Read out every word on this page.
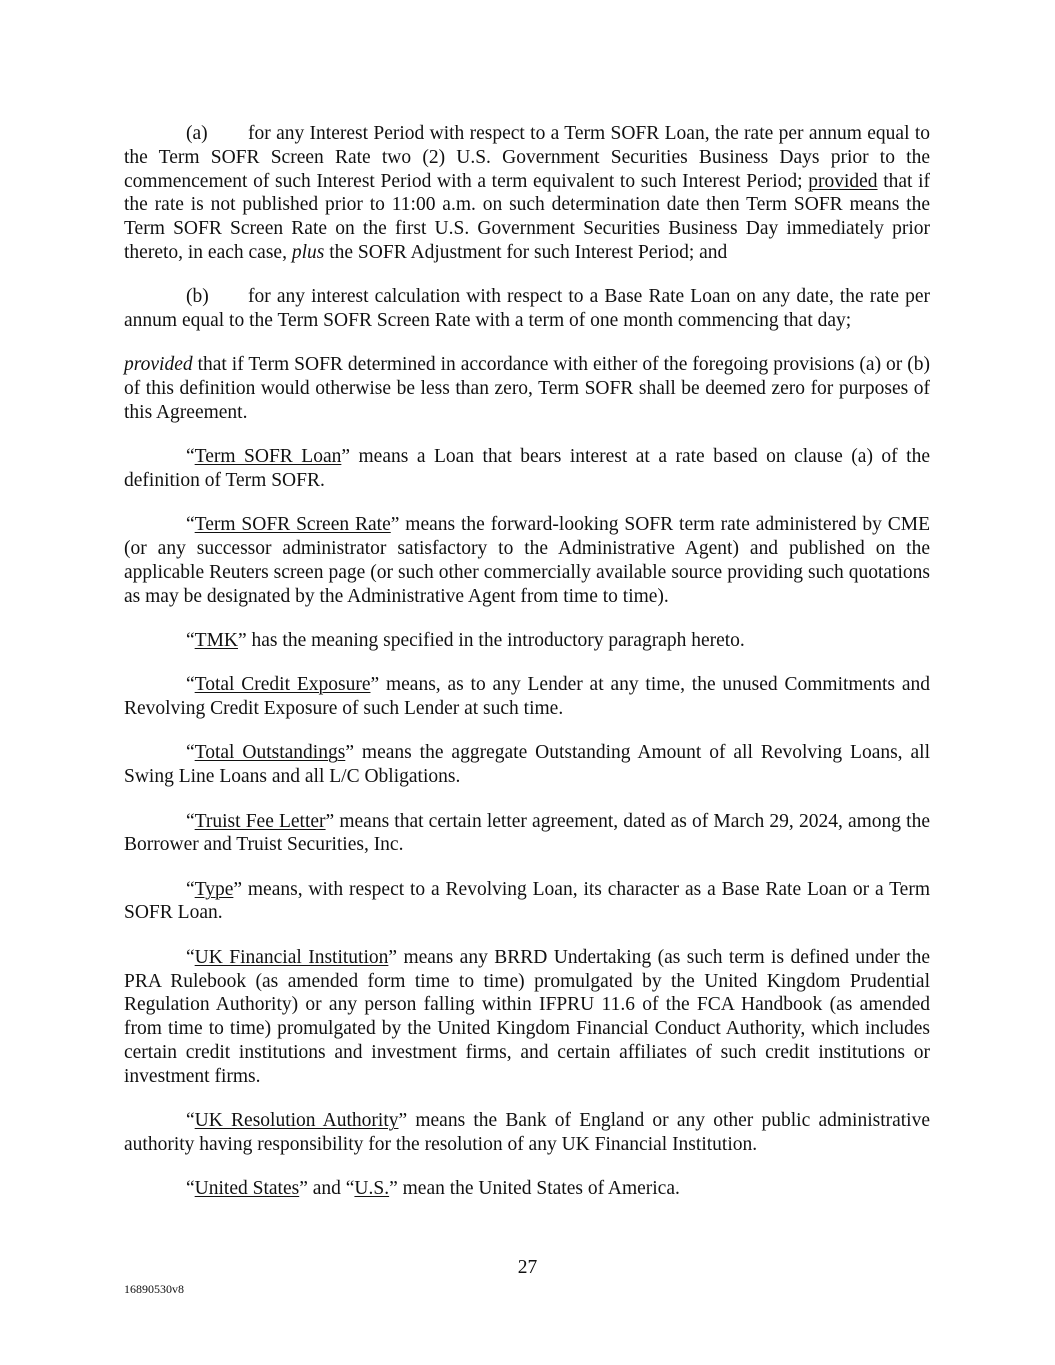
(a) for any Interest Period with respect to a Term SOFR Loan, the rate per annum equal to the Term SOFR Screen Rate two (2) U.S. Government Securities Business Days prior to the commencement of such Interest Period with a term equivalent to such Interest Period; provided that if the rate is not published prior to 11:00 a.m. on such determination date then Term SOFR means the Term SOFR Screen Rate on the first U.S. Government Securities Business Day immediately prior thereto, in each case, plus the SOFR Adjustment for such Interest Period; and

(b) for any interest calculation with respect to a Base Rate Loan on any date, the rate per annum equal to the Term SOFR Screen Rate with a term of one month commencing that day;

provided that if Term SOFR determined in accordance with either of the foregoing provisions (a) or (b) of this definition would otherwise be less than zero, Term SOFR shall be deemed zero for purposes of this Agreement.

“Term SOFR Loan” means a Loan that bears interest at a rate based on clause (a) of the definition of Term SOFR.

“Term SOFR Screen Rate” means the forward-looking SOFR term rate administered by CME (or any successor administrator satisfactory to the Administrative Agent) and published on the applicable Reuters screen page (or such other commercially available source providing such quotations as may be designated by the Administrative Agent from time to time).

“TMK” has the meaning specified in the introductory paragraph hereto.

“Total Credit Exposure” means, as to any Lender at any time, the unused Commitments and Revolving Credit Exposure of such Lender at such time.

“Total Outstandings” means the aggregate Outstanding Amount of all Revolving Loans, all Swing Line Loans and all L/C Obligations.

“Truist Fee Letter” means that certain letter agreement, dated as of March 29, 2024, among the Borrower and Truist Securities, Inc.

“Type” means, with respect to a Revolving Loan, its character as a Base Rate Loan or a Term SOFR Loan.

“UK Financial Institution” means any BRRD Undertaking (as such term is defined under the PRA Rulebook (as amended form time to time) promulgated by the United Kingdom Prudential Regulation Authority) or any person falling within IFPRU 11.6 of the FCA Handbook (as amended from time to time) promulgated by the United Kingdom Financial Conduct Authority, which includes certain credit institutions and investment firms, and certain affiliates of such credit institutions or investment firms.

“UK Resolution Authority” means the Bank of England or any other public administrative authority having responsibility for the resolution of any UK Financial Institution.

“United States” and “U.S.” mean the United States of America.

27
16890530v8
